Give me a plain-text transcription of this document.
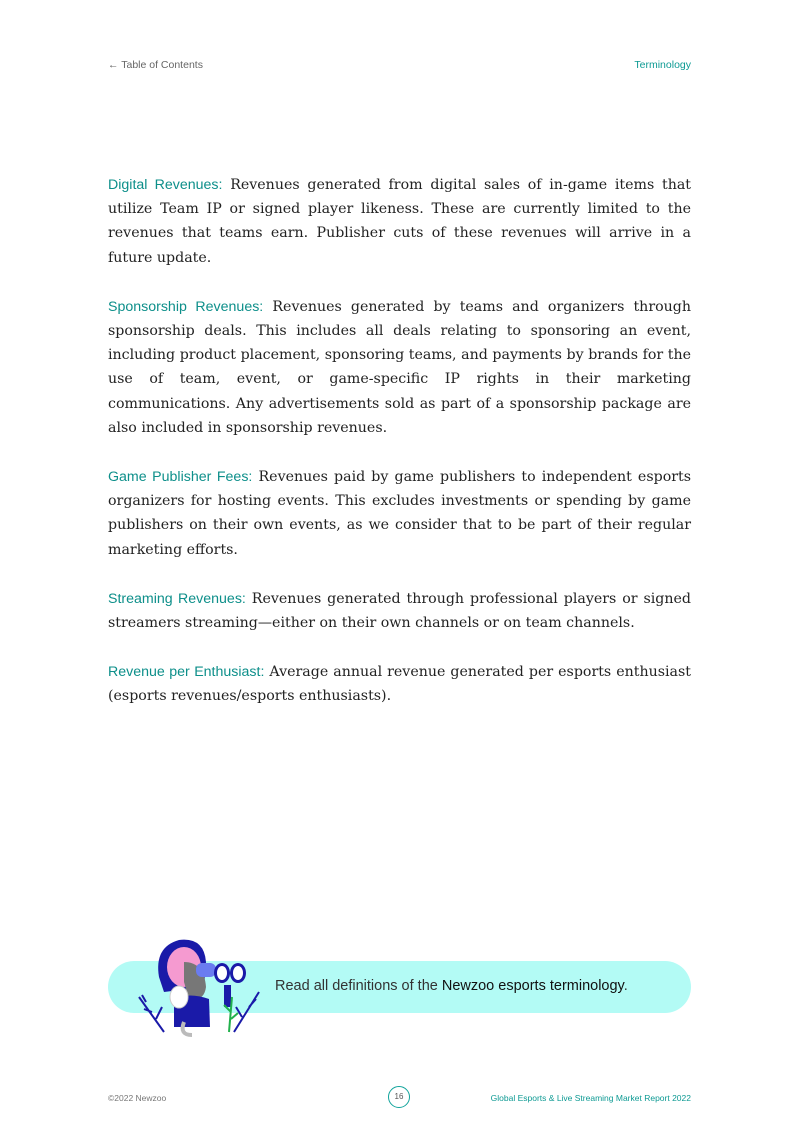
← Table of Contents	Terminology

Digital Revenues: Revenues generated from digital sales of in-game items that utilize Team IP or signed player likeness. These are currently limited to the revenues that teams earn. Publisher cuts of these revenues will arrive in a future update.

Sponsorship Revenues: Revenues generated by teams and organizers through sponsorship deals. This includes all deals relating to sponsoring an event, including product placement, sponsoring teams, and payments by brands for the use of team, event, or game-specific IP rights in their marketing communications. Any advertisements sold as part of a sponsorship package are also included in sponsorship revenues.

Game Publisher Fees: Revenues paid by game publishers to independent esports organizers for hosting events. This excludes investments or spending by game publishers on their own events, as we consider that to be part of their regular marketing efforts.

Streaming Revenues: Revenues generated through professional players or signed streamers streaming—either on their own channels or on team channels.

Revenue per Enthusiast: Average annual revenue generated per esports enthusiast (esports revenues/esports enthusiasts).

Read all definitions of the Newzoo esports terminology.
©2022 Newzoo	16	Global Esports & Live Streaming Market Report 2022
